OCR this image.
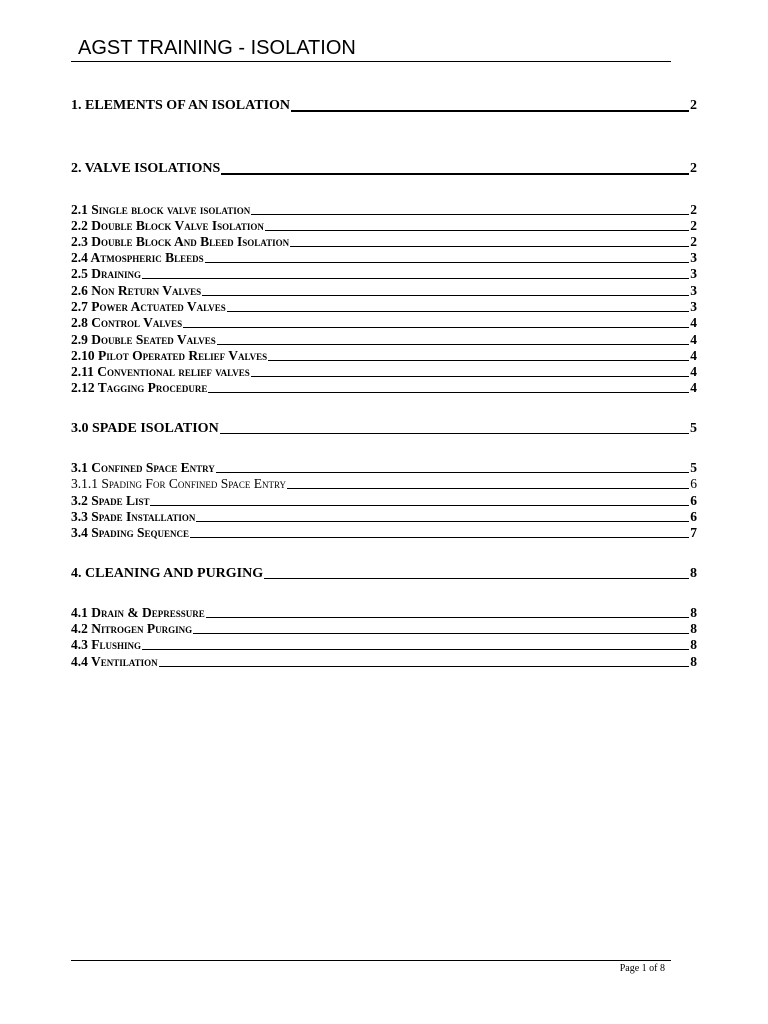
AGST TRAINING - ISOLATION
1. ELEMENTS OF AN ISOLATION	2
2. VALVE ISOLATIONS	2
2.1 Single block valve isolation	2
2.2 Double Block Valve Isolation	2
2.3 Double Block And Bleed Isolation	2
2.4 Atmospheric Bleeds	3
2.5 Draining	3
2.6 Non Return Valves	3
2.7 Power Actuated Valves	3
2.8 Control Valves	4
2.9 Double Seated Valves	4
2.10 Pilot Operated Relief Valves	4
2.11 Conventional relief valves	4
2.12 Tagging Procedure	4
3.0 SPADE ISOLATION	5
3.1 Confined Space Entry	5
3.1.1 Spading For Confined Space Entry	6
3.2 Spade List	6
3.3 Spade Installation	6
3.4 Spading Sequence	7
4. CLEANING AND PURGING	8
4.1 Drain & Depressure	8
4.2 Nitrogen Purging	8
4.3 Flushing	8
4.4 Ventilation	8
Page 1 of 8
